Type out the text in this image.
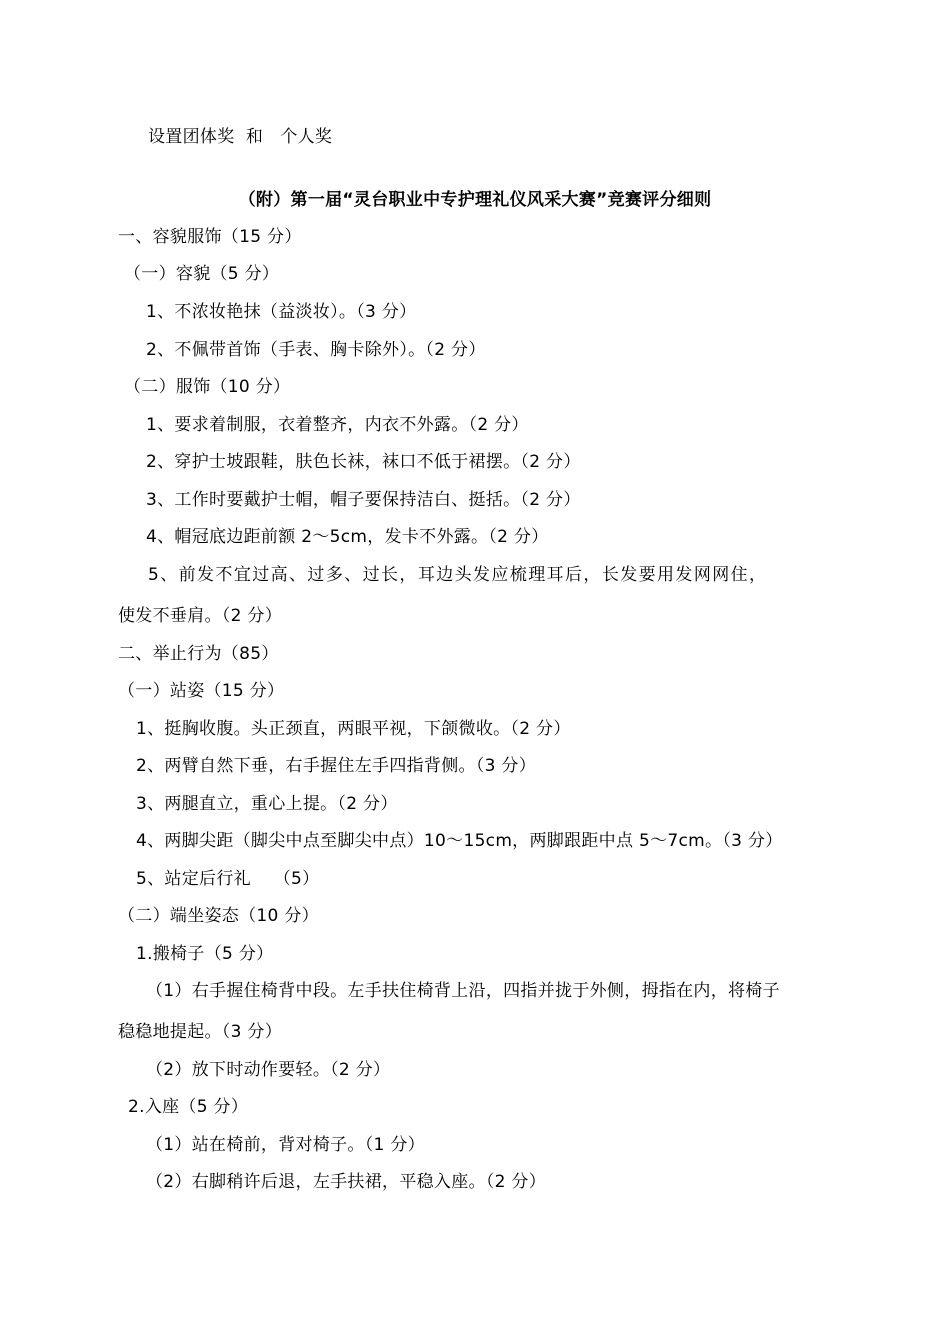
设置团体奖  和   个人奖
（附）第一届“灵台职业中专护理礼仪风采大赛”竞赛评分细则
一、容貌服饰（15 分）
（一）容貌（5 分）
1、不浓妆艳抹（益淡妆）。（3 分）
2、不佩带首饰（手表、胸卡除外）。（2 分）
（二）服饰（10 分）
1、要求着制服，衣着整齐，内衣不外露。（2 分）
2、穿护士坡跟鞋，肤色长袜，袜口不低于裙摆。（2 分）
3、工作时要戴护士帽，帽子要保持洁白、挺括。（2 分）
4、帽冠底边距前额 2～5cm，发卡不外露。（2 分）
5、前发不宜过高、过多、过长，耳边头发应梳理耳后，长发要用发网网住，
使发不垂肩。（2 分）
二、举止行为（85）
（一）站姿（15 分）
1、挺胸收腹。头正颈直，两眼平视，下颌微收。（2 分）
2、两臂自然下垂，右手握住左手四指背侧。（3 分）
3、两腿直立，重心上提。（2 分）
4、两脚尖距（脚尖中点至脚尖中点）10～15cm，两脚跟距中点 5～7cm。（3 分）
5、站定后行礼    （5）
（二）端坐姿态（10 分）
1.搬椅子（5 分）
（1）右手握住椅背中段。左手扶住椅背上沿，四指并拢于外侧，拇指在内，将椅子
稳稳地提起。（3 分）
（2）放下时动作要轻。（2 分）
2.入座（5 分）
（1）站在椅前，背对椅子。（1 分）
（2）右脚稍许后退，左手扶裙，平稳入座。（2 分）
